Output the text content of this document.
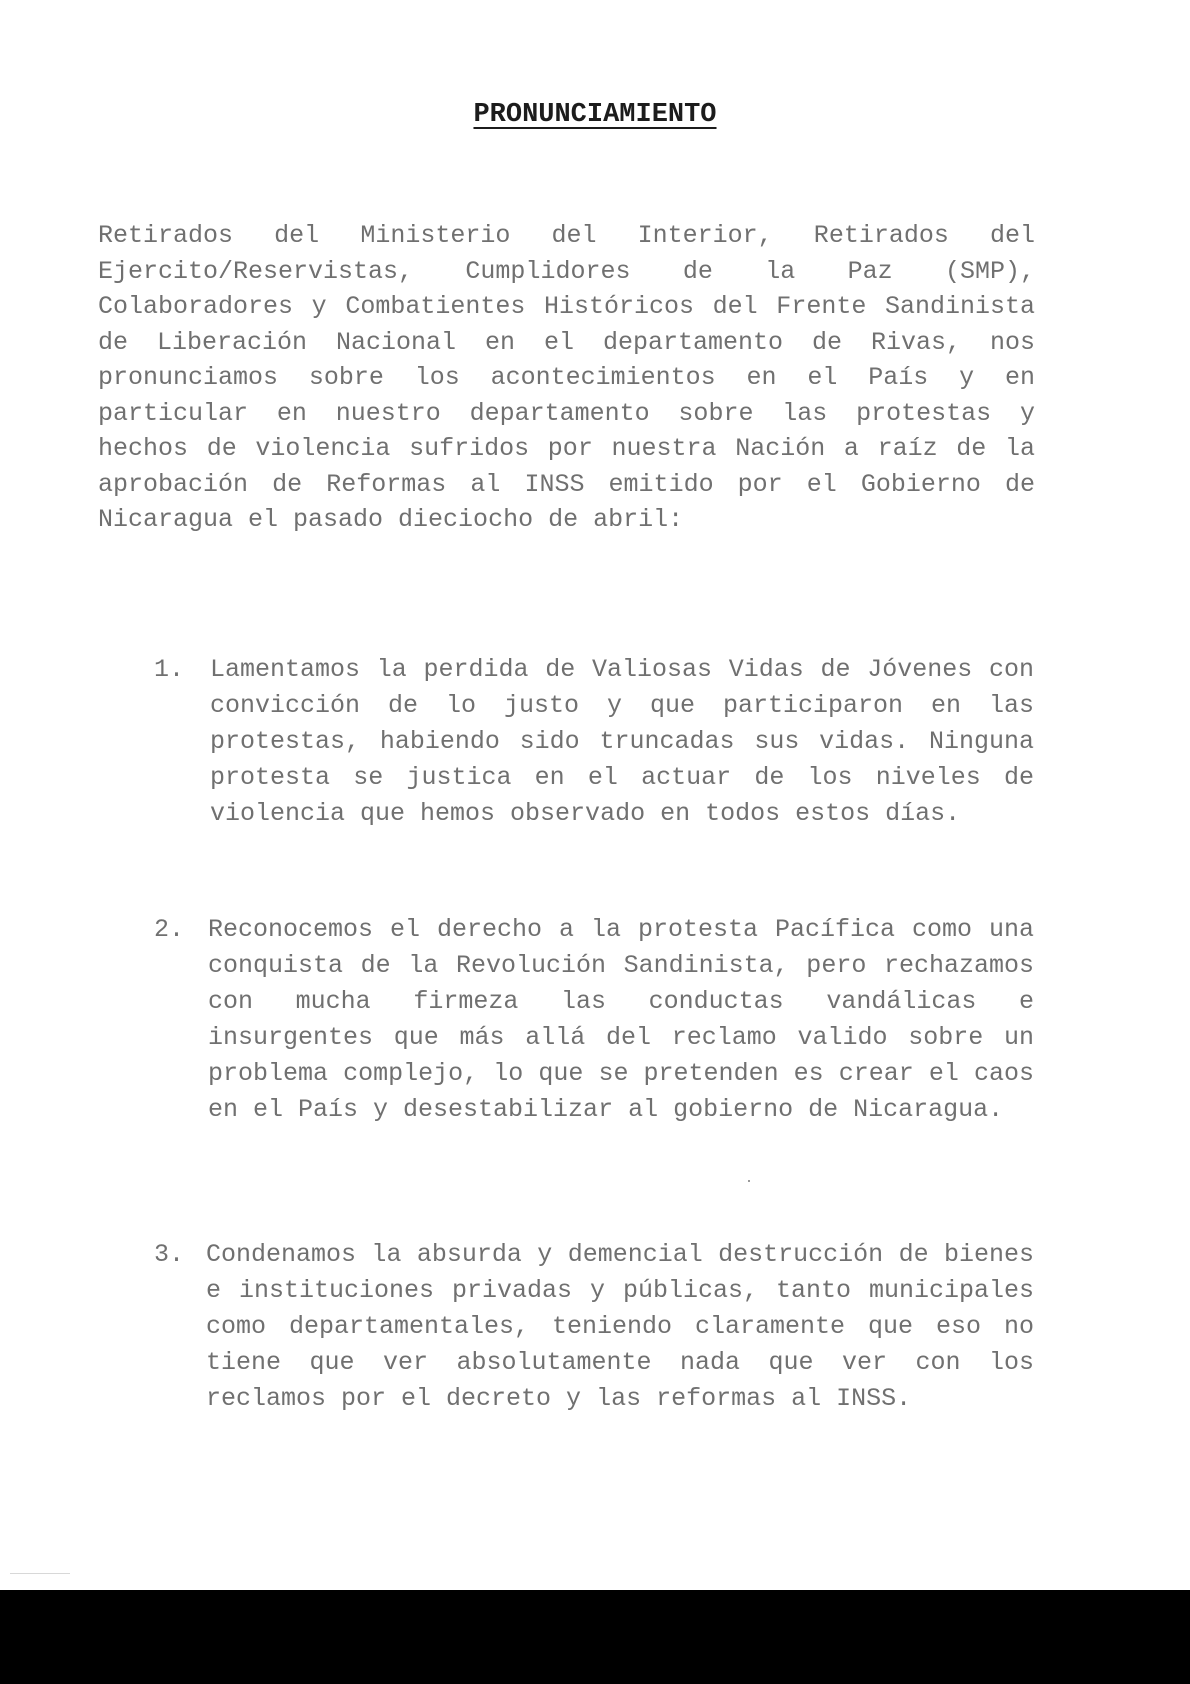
PRONUNCIAMIENTO

Retirados del Ministerio del Interior, Retirados del Ejercito/Reservistas, Cumplidores de la Paz (SMP), Colaboradores y Combatientes Históricos del Frente Sandinista de Liberación Nacional en el departamento de Rivas, nos pronunciamos sobre los acontecimientos en el País y en particular en nuestro departamento sobre las protestas y hechos de violencia sufridos por nuestra Nación a raíz de la aprobación de Reformas al INSS emitido por el Gobierno de Nicaragua el pasado dieciocho de abril:

1. Lamentamos la perdida de Valiosas Vidas de Jóvenes con convicción de lo justo y que participaron en las protestas, habiendo sido truncadas sus vidas. Ninguna protesta se justica en el actuar de los niveles de violencia que hemos observado en todos estos días.

2. Reconocemos el derecho a la protesta Pacífica como una conquista de la Revolución Sandinista, pero rechazamos con mucha firmeza las conductas vandálicas e insurgentes que más allá del reclamo valido sobre un problema complejo, lo que se pretenden es crear el caos en el País y desestabilizar al gobierno de Nicaragua.

3. Condenamos la absurda y demencial destrucción de bienes e instituciones privadas y públicas, tanto municipales como departamentales, teniendo claramente que eso no tiene que ver absolutamente nada que ver con los reclamos por el decreto y las reformas al INSS.
